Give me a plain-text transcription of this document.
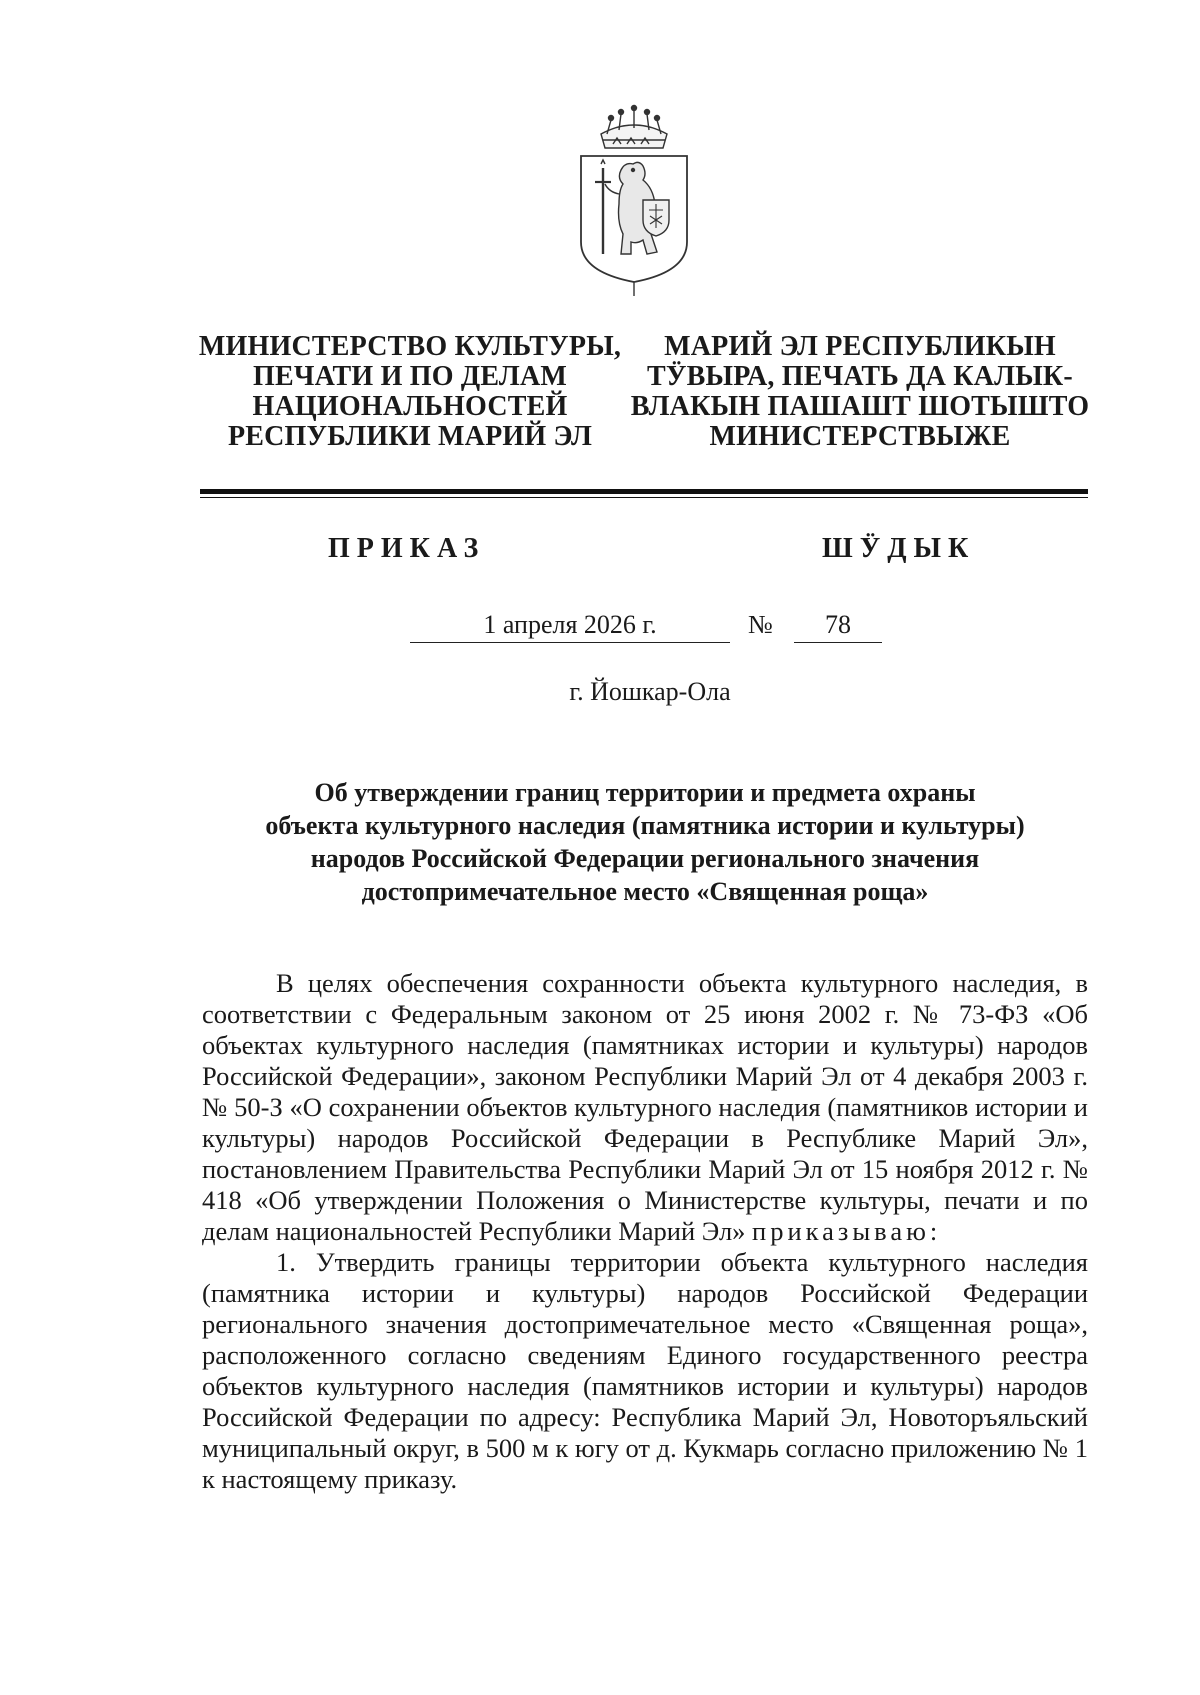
МИНИСТЕРСТВО КУЛЬТУРЫ,
ПЕЧАТИ И ПО ДЕЛАМ
НАЦИОНАЛЬНОСТЕЙ
РЕСПУБЛИКИ МАРИЙ ЭЛ
МАРИЙ ЭЛ РЕСПУБЛИКЫН
ТӰВЫРА, ПЕЧАТЬ ДА КАЛЫК-
ВЛАКЫН ПАШАШТ ШОТЫШТО
МИНИСТЕРСТВЫЖЕ
ПРИКАЗ	ШӰДЫК
1 апреля 2026 г.	№	78
г. Йошкар-Ола
Об утверждении границ территории и предмета охраны
объекта культурного наследия (памятника истории и культуры)
народов Российской Федерации регионального значения
достопримечательное место «Священная роща»

В целях обеспечения сохранности объекта культурного наследия, в соответствии с Федеральным законом от 25 июня 2002 г. № 73-ФЗ «Об объектах культурного наследия (памятниках истории и культуры) народов Российской Федерации», законом Республики Марий Эл от 4 декабря 2003 г. № 50-З «О сохранении объектов культурного наследия (памятников истории и культуры) народов Российской Федерации в Республике Марий Эл», постановлением Правительства Республики Марий Эл от 15 ноября 2012 г. № 418 «Об утверждении Положения о Министерстве культуры, печати и по делам национальностей Республики Марий Эл» приказываю:

1. Утвердить границы территории объекта культурного наследия (памятника истории и культуры) народов Российской Федерации регионального значения достопримечательное место «Священная роща», расположенного согласно сведениям Единого государственного реестра объектов культурного наследия (памятников истории и культуры) народов Российской Федерации по адресу: Республика Марий Эл, Новоторъяльский муниципальный округ, в 500 м к югу от д. Кукмарь согласно приложению № 1 к настоящему приказу.
